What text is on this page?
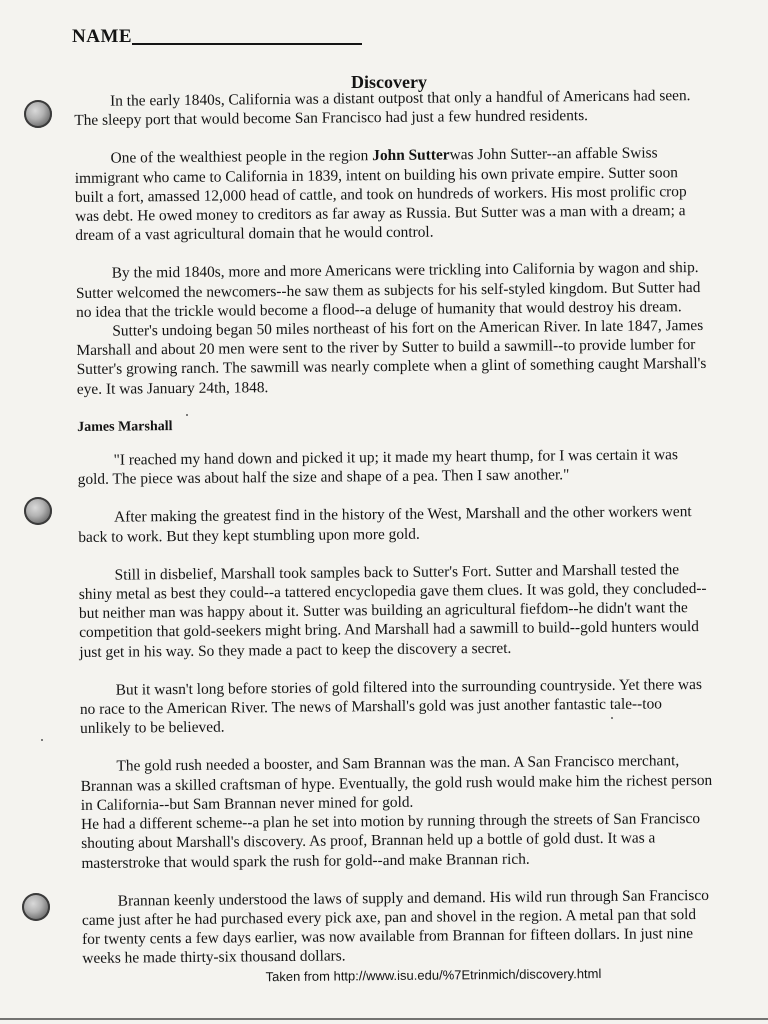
NAME
Discovery

In the early 1840s, California was a distant outpost that only a handful of Americans had seen. The sleepy port that would become San Francisco had just a few hundred residents.

One of the wealthiest people in the region John Sutterwas John Sutter--an affable Swiss immigrant who came to California in 1839, intent on building his own private empire. Sutter soon built a fort, amassed 12,000 head of cattle, and took on hundreds of workers. His most prolific crop was debt. He owed money to creditors as far away as Russia. But Sutter was a man with a dream; a dream of a vast agricultural domain that he would control.

By the mid 1840s, more and more Americans were trickling into California by wagon and ship. Sutter welcomed the newcomers--he saw them as subjects for his self-styled kingdom. But Sutter had no idea that the trickle would become a flood--a deluge of humanity that would destroy his dream.

Sutter's undoing began 50 miles northeast of his fort on the American River. In late 1847, James Marshall and about 20 men were sent to the river by Sutter to build a sawmill--to provide lumber for Sutter's growing ranch. The sawmill was nearly complete when a glint of something caught Marshall's eye. It was January 24th, 1848.

James Marshall

"I reached my hand down and picked it up; it made my heart thump, for I was certain it was gold. The piece was about half the size and shape of a pea. Then I saw another."

After making the greatest find in the history of the West, Marshall and the other workers went back to work. But they kept stumbling upon more gold.

Still in disbelief, Marshall took samples back to Sutter's Fort. Sutter and Marshall tested the shiny metal as best they could--a tattered encyclopedia gave them clues. It was gold, they concluded--but neither man was happy about it. Sutter was building an agricultural fiefdom--he didn't want the competition that gold-seekers might bring. And Marshall had a sawmill to build--gold hunters would just get in his way. So they made a pact to keep the discovery a secret.

But it wasn't long before stories of gold filtered into the surrounding countryside. Yet there was no race to the American River. The news of Marshall's gold was just another fantastic tale--too unlikely to be believed.

The gold rush needed a booster, and Sam Brannan was the man. A San Francisco merchant, Brannan was a skilled craftsman of hype. Eventually, the gold rush would make him the richest person in California--but Sam Brannan never mined for gold.

He had a different scheme--a plan he set into motion by running through the streets of San Francisco shouting about Marshall's discovery. As proof, Brannan held up a bottle of gold dust. It was a masterstroke that would spark the rush for gold--and make Brannan rich.

Brannan keenly understood the laws of supply and demand. His wild run through San Francisco came just after he had purchased every pick axe, pan and shovel in the region. A metal pan that sold for twenty cents a few days earlier, was now available from Brannan for fifteen dollars. In just nine weeks he made thirty-six thousand dollars.

Taken from http://www.isu.edu/%7Etrinmich/discovery.html
